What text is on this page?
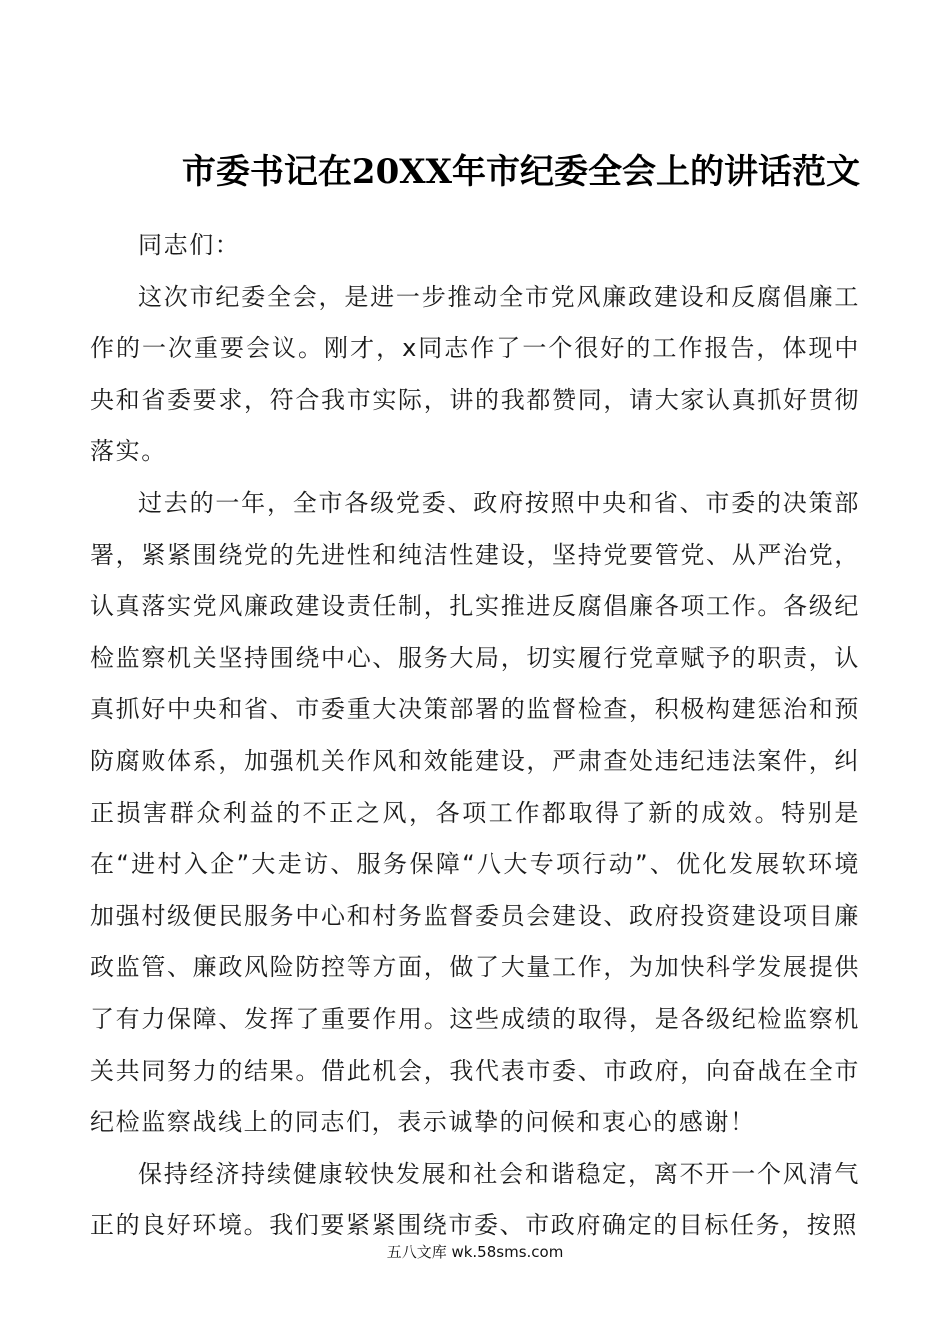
市委书记在20XX年市纪委全会上的讲话范文

同志们：

这次市纪委全会，是进一步推动全市党风廉政建设和反腐倡廉工作的一次重要会议。刚才，x同志作了一个很好的工作报告，体现中央和省委要求，符合我市实际，讲的我都赞同，请大家认真抓好贯彻落实。

过去的一年，全市各级党委、政府按照中央和省、市委的决策部署，紧紧围绕党的先进性和纯洁性建设，坚持党要管党、从严治党，认真落实党风廉政建设责任制，扎实推进反腐倡廉各项工作。各级纪检监察机关坚持围绕中心、服务大局，切实履行党章赋予的职责，认真抓好中央和省、市委重大决策部署的监督检查，积极构建惩治和预防腐败体系，加强机关作风和效能建设，严肃查处违纪违法案件，纠正损害群众利益的不正之风，各项工作都取得了新的成效。特别是在“进村入企”大走访、服务保障“八大专项行动”、优化发展软环境加强村级便民服务中心和村务监督委员会建设、政府投资建设项目廉政监管、廉政风险防控等方面，做了大量工作，为加快科学发展提供了有力保障、发挥了重要作用。这些成绩的取得，是各级纪检监察机关共同努力的结果。借此机会，我代表市委、市政府，向奋战在全市纪检监察战线上的同志们，表示诚挚的问候和衷心的感谢！

保持经济持续健康较快发展和社会和谐稳定，离不开一个风清气正的良好环境。我们要紧紧围绕市委、市政府确定的目标任务，按照

五八文库 wk.58sms.com
